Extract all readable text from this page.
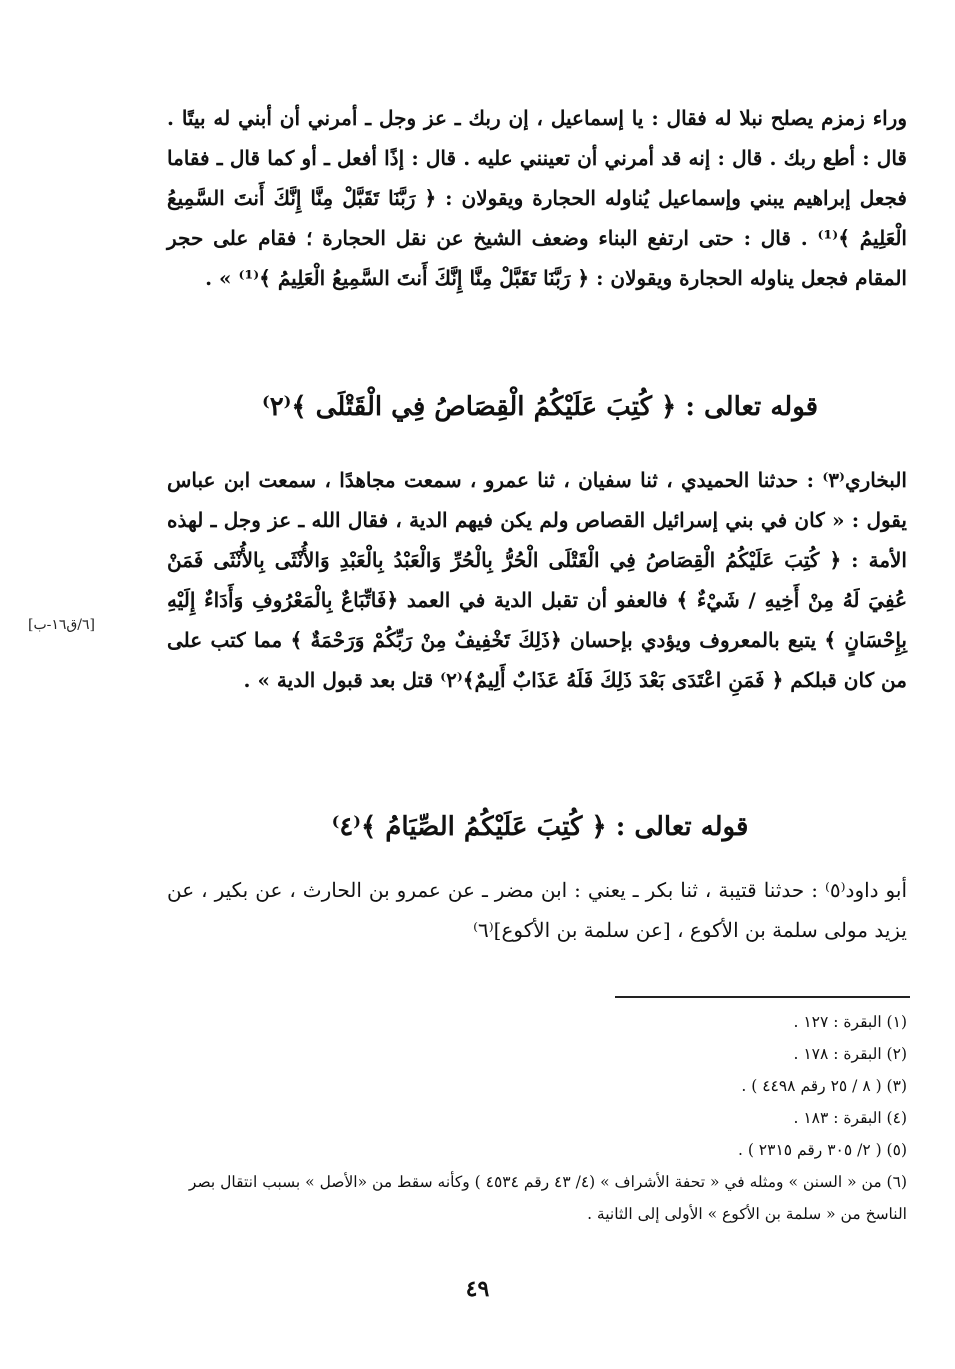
وراء زمزم يصلح نبلا له فقال : يا إسماعيل ، إن ربك ـ عز وجل ـ أمرني أن أبني له بيتًا . قال : أطع ربك . قال : إنه قد أمرني أن تعينني عليه . قال : إذًا أفعل ـ أو كما قال ـ فقاما فجعل إبراهيم يبني وإسماعيل يُناوله الحجارة ويقولان : ﴿ رَبَّنَا تَقَبَّلْ مِنَّا إِنَّكَ أَنتَ السَّمِيعُ الْعَلِيمُ ﴾⁽¹⁾ . قال : حتى ارتفع البناء وضعف الشيخ عن نقل الحجارة ؛ فقام على حجر المقام فجعل يناوله الحجارة ويقولان : ﴿ رَبَّنَا تَقَبَّلْ مِنَّا إِنَّكَ أَنتَ السَّمِيعُ الْعَلِيمُ ﴾⁽¹⁾ » .

قوله تعالى : ﴿ كُتِبَ عَلَيْكُمُ الْقِصَاصُ فِي الْقَتْلَى ﴾⁽٢⁾

البخاري⁽٣⁾ : حدثنا الحميدي ، ثنا سفيان ، ثنا عمرو ، سمعت مجاهدًا ، سمعت ابن عباس يقول : « كان في بني إسرائيل القصاص ولم يكن فيهم الدية ، فقال الله ـ عز وجل ـ لهذه الأمة : ﴿ كُتِبَ عَلَيْكُمُ الْقِصَاصُ فِي الْقَتْلَى الْحُرُّ بِالْحُرِّ وَالْعَبْدُ بِالْعَبْدِ وَالأُنْثَى بِالأُنْثَى فَمَنْ عُفِيَ لَهُ مِنْ أَخِيهِ / شَيْءٌ ﴾ فالعفو أن تقبل الدية في العمد ﴿فَاتِّبَاعٌ بِالْمَعْرُوفِ وَأَدَاءٌ إِلَيْهِ بِإِحْسَانٍ ﴾ يتبع بالمعروف ويؤدي بإحسان ﴿ذَلِكَ تَخْفِيفٌ مِنْ رَبِّكُمْ وَرَحْمَةٌ ﴾ مما كتب على من كان قبلكم ﴿ فَمَنِ اعْتَدَى بَعْدَ ذَلِكَ فَلَهُ عَذَابٌ أَلِيمٌ﴾⁽٢⁾ قتل بعد قبول الدية » .

[٦/ق١٦-ب]
قوله تعالى : ﴿ كُتِبَ عَلَيْكُمُ الصِّيَامُ ﴾⁽٤⁾

أبو داود⁽٥⁾ : حدثنا قتيبة ، ثنا بكر ـ يعني : ابن مضر ـ عن عمرو بن الحارث ، عن بكير ، عن يزيد مولى سلمة بن الأكوع ، [عن سلمة بن الأكوع]⁽٦⁾

(١) البقرة : ١٢٧ .
(٢) البقرة : ١٧٨ .
(٣) ( ٨ / ٢٥ رقم ٤٤٩٨ ) .
(٤) البقرة : ١٨٣ .
(٥) ( ٢/ ٣٠٥ رقم ٢٣١٥ ) .
(٦) من « السنن » ومثله في « تحفة الأشراف » (٤/ ٤٣ رقم ٤٥٣٤ ) وكأنه سقط من «الأصل » بسبب انتقال بصر الناسخ من « سلمة بن الأكوع » الأولى إلى الثانية .
٤٩
